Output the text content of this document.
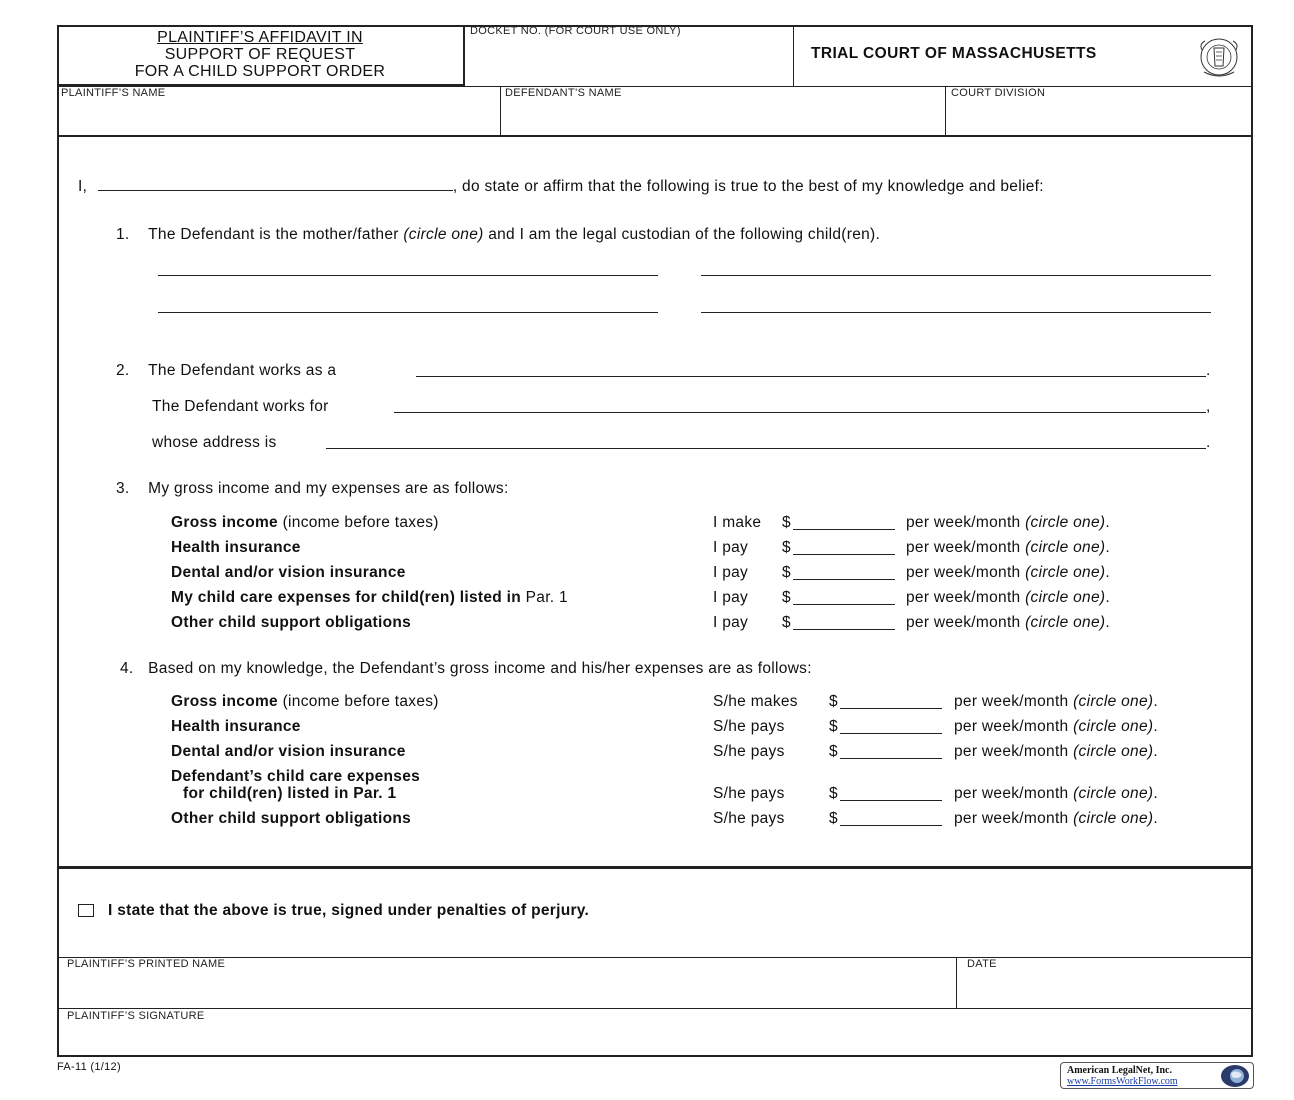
PLAINTIFF’S AFFIDAVIT IN
SUPPORT OF REQUEST
FOR A CHILD SUPPORT ORDER
DOCKET NO. (FOR COURT USE ONLY)
TRIAL COURT OF MASSACHUSETTS
PLAINTIFF’S NAME	DEFENDANT’S NAME	COURT DIVISION
I,	, do state or affirm that the following is true to the best of my knowledge and belief:
1. The Defendant is the mother/father (circle one) and I am the legal custodian of the following child(ren).
2. The Defendant works as a	.
The Defendant works for	,
whose address is	.
3. My gross income and my expenses are as follows:
Gross income (income before taxes)	I make $	per week/month (circle one).
Health insurance	I pay $	per week/month (circle one).
Dental and/or vision insurance	I pay $	per week/month (circle one).
My child care expenses for child(ren) listed in Par. 1	I pay $	per week/month (circle one).
Other child support obligations	I pay $	per week/month (circle one).
4. Based on my knowledge, the Defendant’s gross income and his/her expenses are as follows:
Gross income (income before taxes)	S/he makes $	per week/month (circle one).
Health insurance	S/he pays	$	per week/month (circle one).
Dental and/or vision insurance	S/he pays	$	per week/month (circle one).
Defendant’s child care expenses
for child(ren) listed in Par. 1	S/he pays	$	per week/month (circle one).
Other child support obligations	S/he pays	$	per week/month (circle one).
I state that the above is true, signed under penalties of perjury.
PLAINTIFF’S PRINTED NAME	DATE
PLAINTIFF’S SIGNATURE
FA-11 (1/12)	American LegalNet, Inc.
www.FormsWorkFlow.com
